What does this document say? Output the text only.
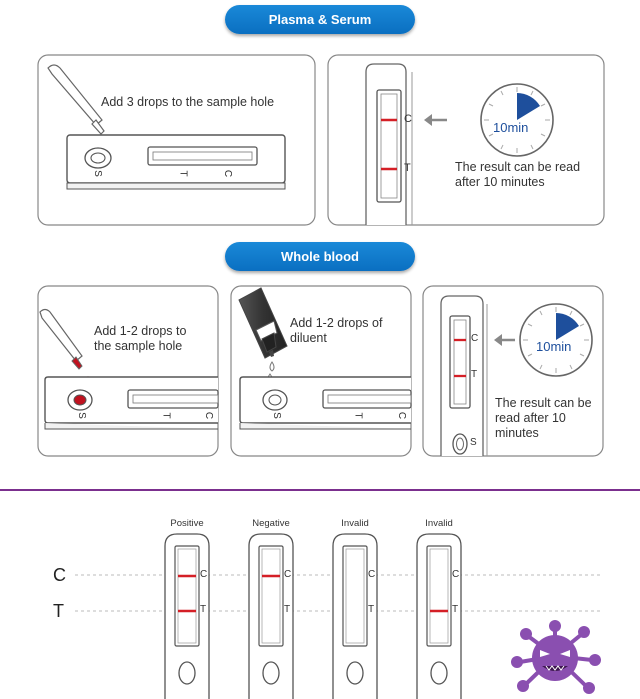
Plasma & Serum
Whole blood
Add 3 drops to the sample hole
S	T	C
C
T
10min
The result can be read after 10 minutes
Add 1-2 drops to the sample hole
S	T	C
Add 1-2 drops of diluent
S	T	C
C
T
S
10min
The result can be read after 10 minutes
C
T
Positive
C
T
Negative
C
T
Invalid
C
T
Invalid
C
T
